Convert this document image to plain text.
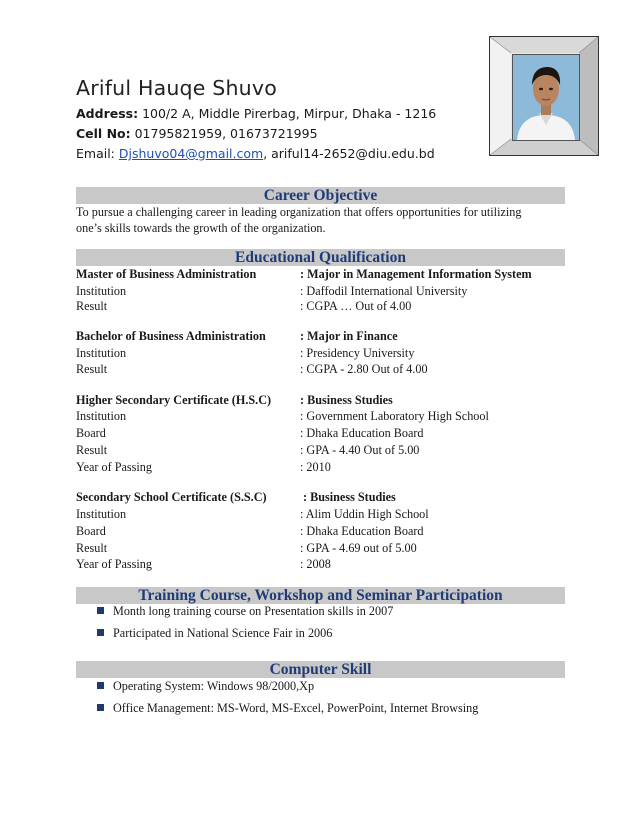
Ariful Hauqe Shuvo
Address: 100/2 A, Middle Pirerbag, Mirpur, Dhaka - 1216
Cell No: 01795821959, 01673721995
Email: Djshuvo04@gmail.com, ariful14-2652@diu.edu.bd
Career Objective
To pursue a challenging career in leading organization that offers opportunities for utilizing
one’s skills towards the growth of the organization.
Educational Qualification
Master of Business Administration	: Major in Management Information System
Institution	: Daffodil International University
Result	: CGPA … Out of 4.00
Bachelor of Business Administration	: Major in Finance
Institution	: Presidency University
Result	: CGPA - 2.80 Out of 4.00
Higher Secondary Certificate (H.S.C) : Business Studies
Institution	: Government Laboratory High School
Board	: Dhaka Education Board
Result	: GPA - 4.40 Out of 5.00
Year of Passing	: 2010
Secondary School Certificate (S.S.C)	: Business Studies
Institution	: Alim Uddin High School
Board	: Dhaka Education Board
Result	: GPA - 4.69 out of 5.00
Year of Passing	: 2008
Training Course, Workshop and Seminar Participation
Month long training course on Presentation skills in 2007
Participated in National Science Fair in 2006
Computer Skill
Operating System: Windows 98/2000,Xp
Office Management: MS-Word, MS-Excel, PowerPoint, Internet Browsing
